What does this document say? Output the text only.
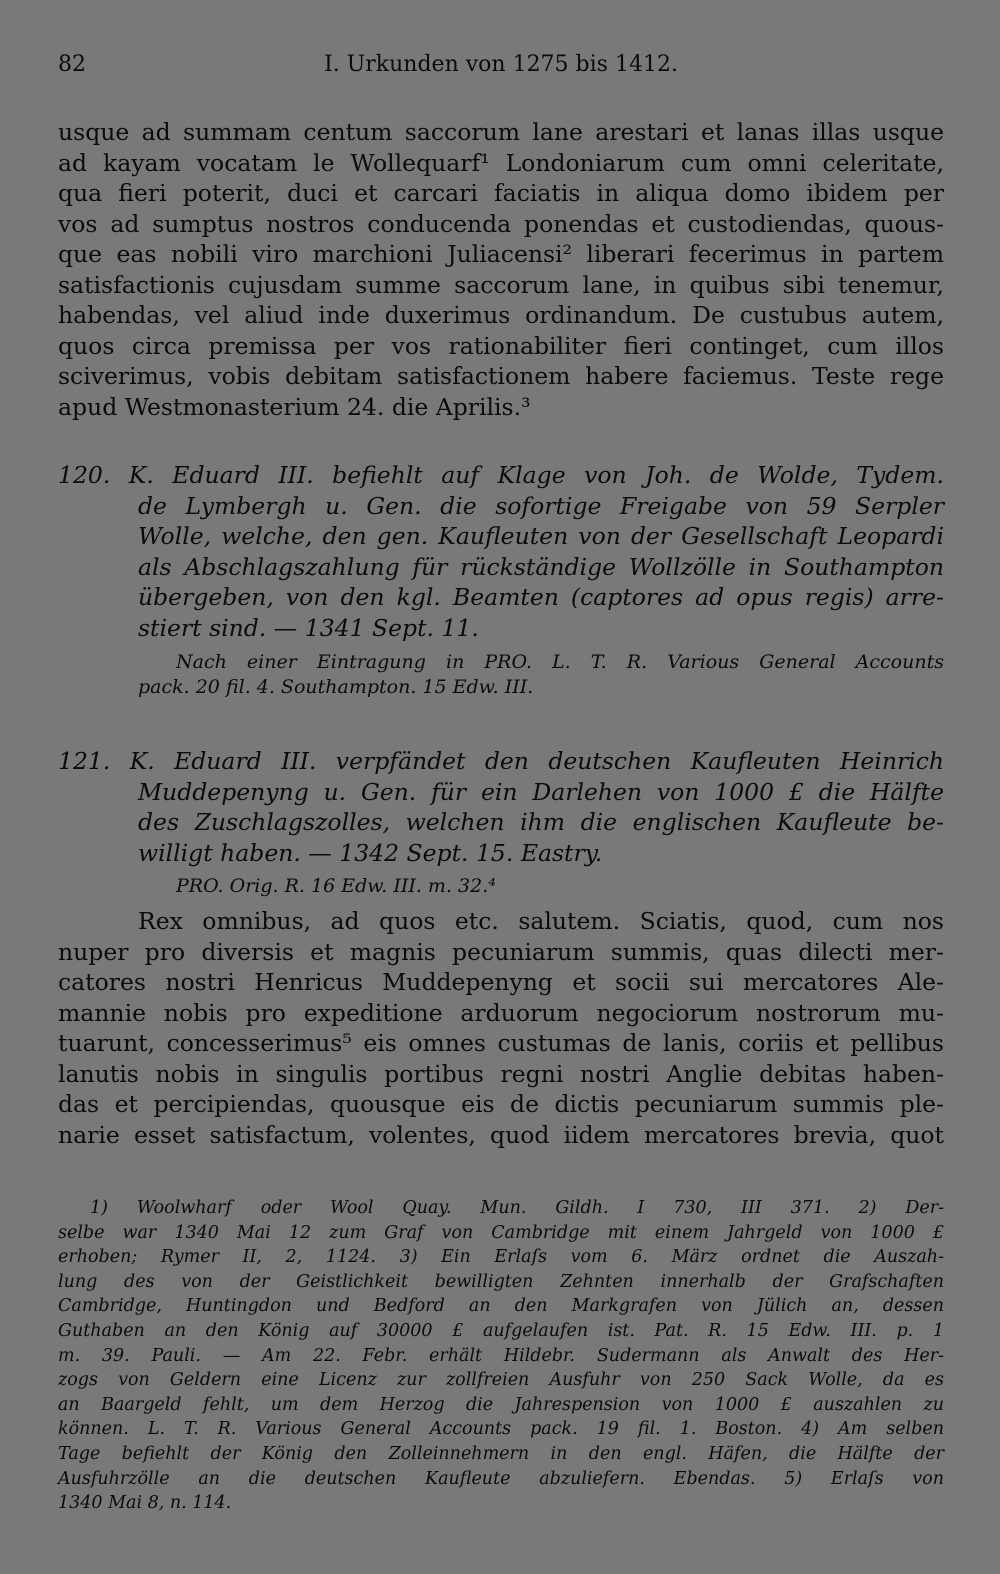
82	I. Urkunden von 1275 bis 1412.
usque ad summam centum saccorum lane arestari et lanas illas usque
ad kayam vocatam le Wollequarf¹ Londoniarum cum omni celeritate,
qua fieri poterit, duci et carcari faciatis in aliqua domo ibidem per
vos ad sumptus nostros conducenda ponendas et custodiendas, quous-
que eas nobili viro marchioni Juliacensi² liberari fecerimus in partem
satisfactionis cujusdam summe saccorum lane, in quibus sibi tenemur,
habendas, vel aliud inde duxerimus ordinandum. De custubus autem,
quos circa premissa per vos rationabiliter fieri continget, cum illos
sciverimus, vobis debitam satisfactionem habere faciemus. Teste rege
apud Westmonasterium 24. die Aprilis.³
120. K. Eduard III. befiehlt auf Klage von Joh. de Wolde, Tydem.
de Lymbergh u. Gen. die sofortige Freigabe von 59 Serpler
Wolle, welche, den gen. Kaufleuten von der Gesellschaft Leopardi
als Abschlagszahlung für rückständige Wollzölle in Southampton
übergeben, von den kgl. Beamten (captores ad opus regis) arre-
stiert sind. — 1341 Sept. 11.
Nach einer Eintragung in PRO. L. T. R. Various General Accounts
pack. 20 fil. 4. Southampton. 15 Edw. III.
121. K. Eduard III. verpfändet den deutschen Kaufleuten Heinrich
Muddepenyng u. Gen. für ein Darlehen von 1000 £ die Hälfte
des Zuschlagszolles, welchen ihm die englischen Kaufleute be-
willigt haben. — 1342 Sept. 15. Eastry.
PRO. Orig. R. 16 Edw. III. m. 32.⁴
Rex omnibus, ad quos etc. salutem. Sciatis, quod, cum nos
nuper pro diversis et magnis pecuniarum summis, quas dilecti mer-
catores nostri Henricus Muddepenyng et socii sui mercatores Ale-
mannie nobis pro expeditione arduorum negociorum nostrorum mu-
tuarunt, concesserimus⁵ eis omnes custumas de lanis, coriis et pellibus
lanutis nobis in singulis portibus regni nostri Anglie debitas haben-
das et percipiendas, quousque eis de dictis pecuniarum summis ple-
narie esset satisfactum, volentes, quod iidem mercatores brevia, quot
1) Woolwharf oder Wool Quay. Mun. Gildh. I 730, III 371. 2) Der-
selbe war 1340 Mai 12 zum Graf von Cambridge mit einem Jahrgeld von 1000 £
erhoben; Rymer II, 2, 1124. 3) Ein Erlaſs vom 6. März ordnet die Auszah-
lung des von der Geistlichkeit bewilligten Zehnten innerhalb der Grafschaften
Cambridge, Huntingdon und Bedford an den Markgrafen von Jülich an, dessen
Guthaben an den König auf 30000 £ aufgelaufen ist. Pat. R. 15 Edw. III. p. 1
m. 39. Pauli. — Am 22. Febr. erhält Hildebr. Sudermann als Anwalt des Her-
zogs von Geldern eine Licenz zur zollfreien Ausfuhr von 250 Sack Wolle, da es
an Baargeld fehlt, um dem Herzog die Jahrespension von 1000 £ auszahlen zu
können. L. T. R. Various General Accounts pack. 19 fil. 1. Boston. 4) Am selben
Tage befiehlt der König den Zolleinnehmern in den engl. Häfen, die Hälfte der
Ausfuhrzölle an die deutschen Kaufleute abzuliefern. Ebendas. 5) Erlaſs von
1340 Mai 8, n. 114.
